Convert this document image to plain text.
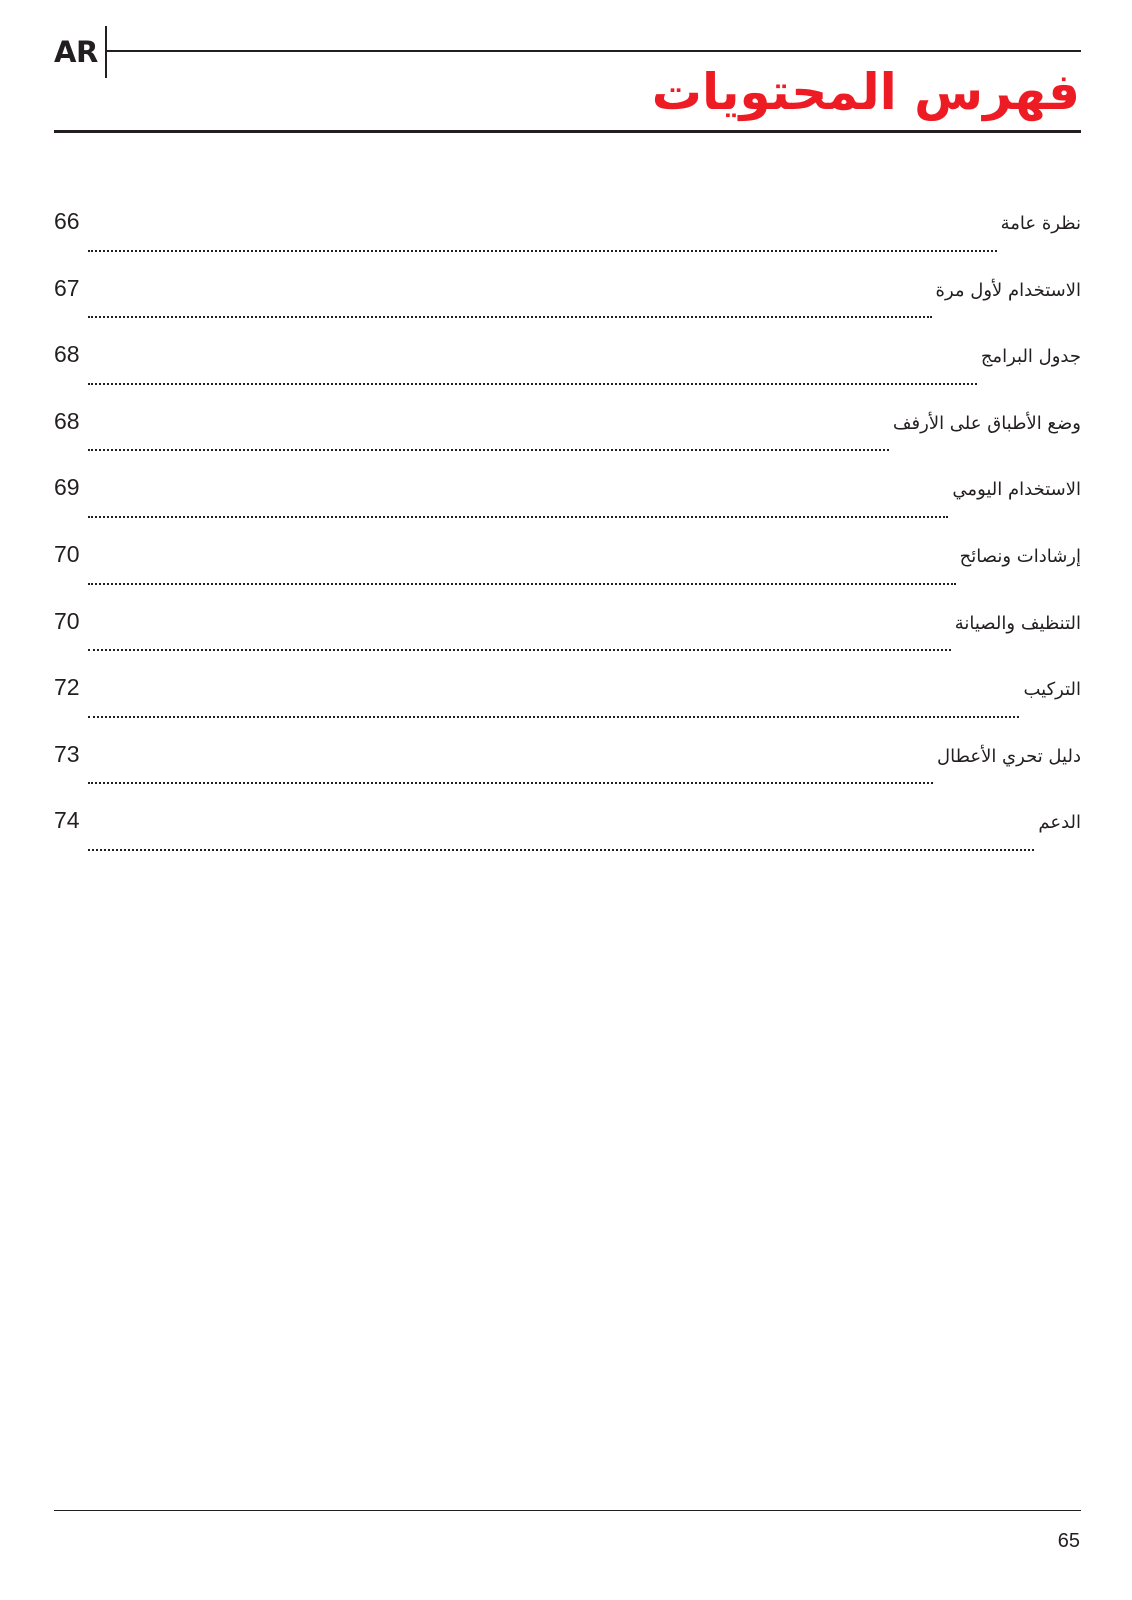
AR
فهرس المحتويات
66	نظرة عامة
67	الاستخدام لأول مرة
68	جدول البرامج
68	وضع الأطباق على الأرفف
69	الاستخدام اليومي
70	إرشادات ونصائح
70	التنظيف والصيانة
72	التركيب
73	دليل تحري الأعطال
74	الدعم
65
